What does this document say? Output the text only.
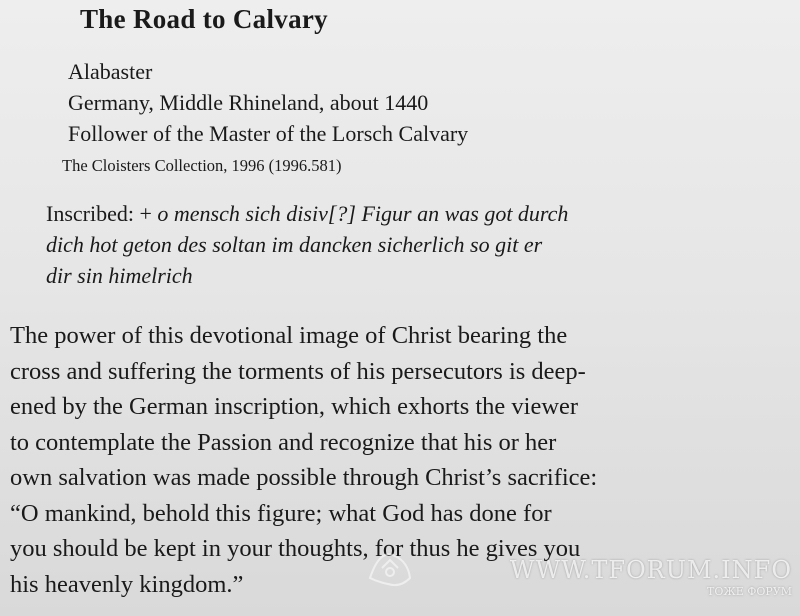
The Road to Calvary
Alabaster
Germany, Middle Rhineland, about 1440
Follower of the Master of the Lorsch Calvary
The Cloisters Collection, 1996 (1996.581)
Inscribed: + o mensch sich disiv[?] Figur an was got durch
dich hot geton des soltan im dancken sicherlich so git er
dir sin himelrich
The power of this devotional image of Christ bearing the
cross and suffering the torments of his persecutors is deep-
ened by the German inscription, which exhorts the viewer
to contemplate the Passion and recognize that his or her
own salvation was made possible through Christ’s sacrifice:
“O mankind, behold this figure; what God has done for
you should be kept in your thoughts, for thus he gives you
his heavenly kingdom.”	WWW.TFORUM.INFO
ТОЖЕ ФОРУМ
